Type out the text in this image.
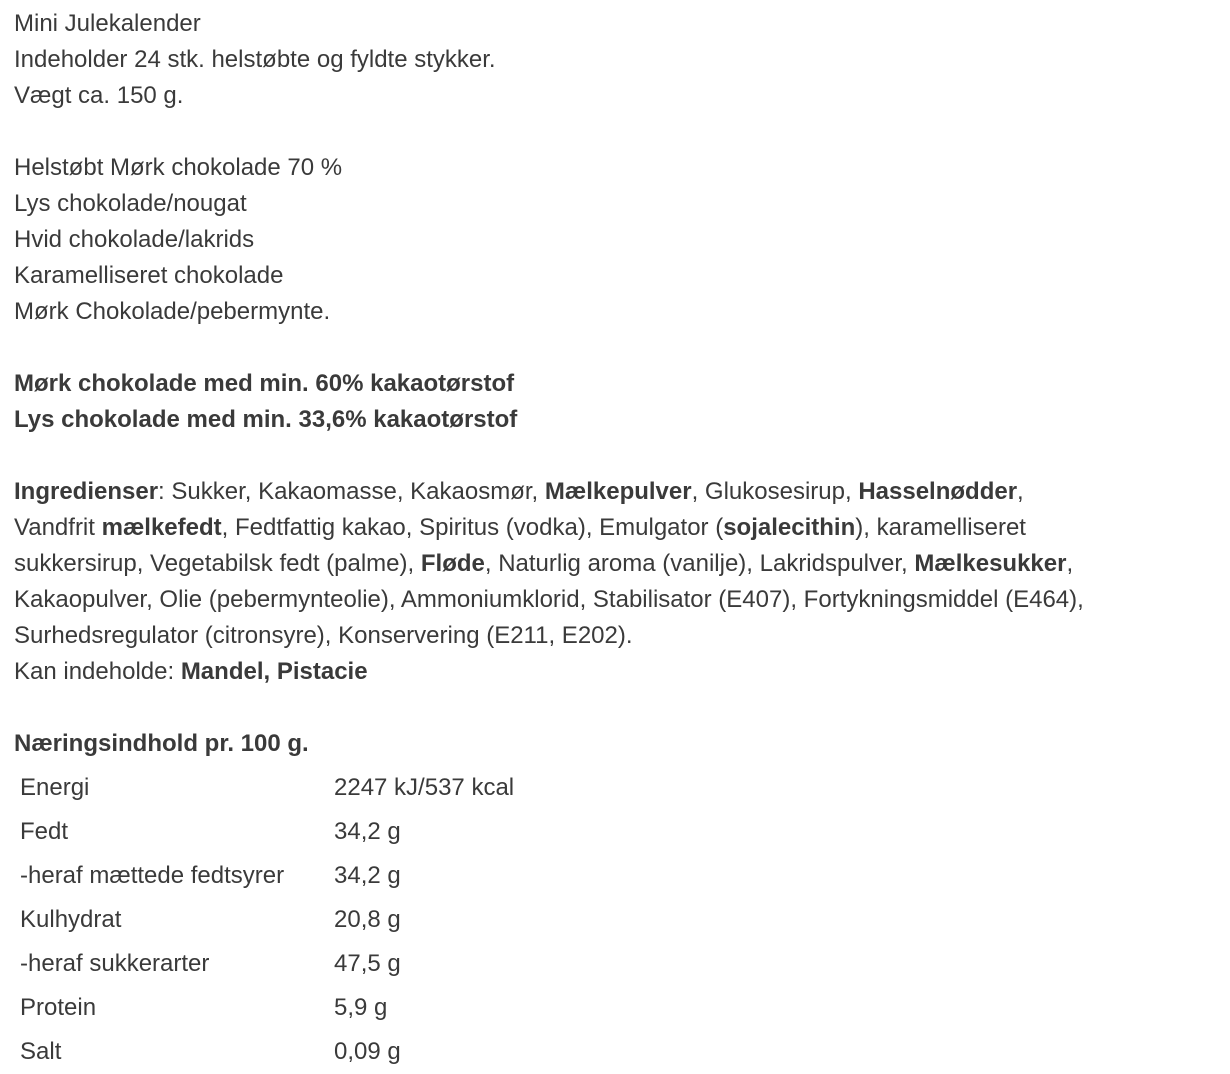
Mini Julekalender
Indeholder 24 stk. helstøbte og fyldte stykker.
Vægt ca. 150 g.
Helstøbt Mørk chokolade 70 %
Lys chokolade/nougat
Hvid chokolade/lakrids
Karamelliseret chokolade
Mørk Chokolade/pebermynte.
Mørk chokolade med min. 60% kakaotørstof
Lys chokolade med min. 33,6% kakaotørstof
Ingredienser: Sukker, Kakaomasse, Kakaosmør, Mælkepulver, Glukosesirup, Hasselnødder,
Vandfrit mælkefedt, Fedtfattig kakao, Spiritus (vodka), Emulgator (sojalecithin), karamelliseret
sukkersirup, Vegetabilsk fedt (palme), Fløde, Naturlig aroma (vanilje), Lakridspulver, Mælkesukker,
Kakaopulver, Olie (pebermynteolie), Ammoniumklorid, Stabilisator (E407), Fortykningsmiddel (E464),
Surhedsregulator (citronsyre), Konservering (E211, E202).
Kan indeholde: Mandel, Pistacie
Næringsindhold pr. 100 g.
Energi	2247 kJ/537 kcal
Fedt	34,2 g
-heraf mættede fedtsyrer	34,2 g
Kulhydrat	20,8 g
-heraf sukkerarter	47,5 g
Protein	5,9 g
Salt	0,09 g
